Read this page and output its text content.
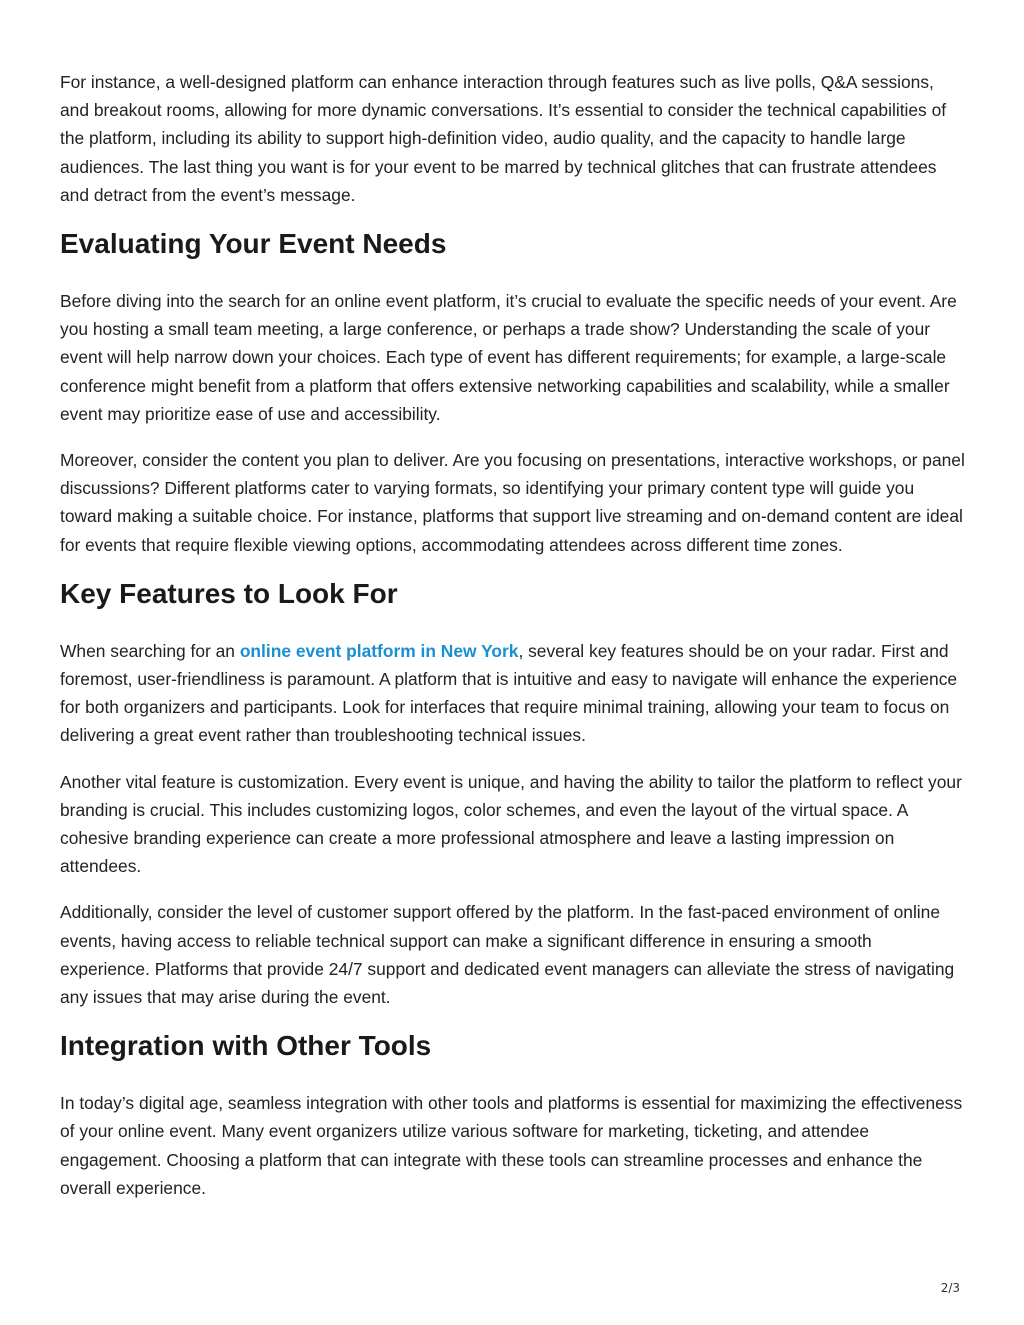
For instance, a well-designed platform can enhance interaction through features such as live polls, Q&A sessions, and breakout rooms, allowing for more dynamic conversations. It’s essential to consider the technical capabilities of the platform, including its ability to support high-definition video, audio quality, and the capacity to handle large audiences. The last thing you want is for your event to be marred by technical glitches that can frustrate attendees and detract from the event’s message.

Evaluating Your Event Needs

Before diving into the search for an online event platform, it’s crucial to evaluate the specific needs of your event. Are you hosting a small team meeting, a large conference, or perhaps a trade show? Understanding the scale of your event will help narrow down your choices. Each type of event has different requirements; for example, a large-scale conference might benefit from a platform that offers extensive networking capabilities and scalability, while a smaller event may prioritize ease of use and accessibility.

Moreover, consider the content you plan to deliver. Are you focusing on presentations, interactive workshops, or panel discussions? Different platforms cater to varying formats, so identifying your primary content type will guide you toward making a suitable choice. For instance, platforms that support live streaming and on-demand content are ideal for events that require flexible viewing options, accommodating attendees across different time zones.

Key Features to Look For

When searching for an online event platform in New York, several key features should be on your radar. First and foremost, user-friendliness is paramount. A platform that is intuitive and easy to navigate will enhance the experience for both organizers and participants. Look for interfaces that require minimal training, allowing your team to focus on delivering a great event rather than troubleshooting technical issues.

Another vital feature is customization. Every event is unique, and having the ability to tailor the platform to reflect your branding is crucial. This includes customizing logos, color schemes, and even the layout of the virtual space. A cohesive branding experience can create a more professional atmosphere and leave a lasting impression on attendees.

Additionally, consider the level of customer support offered by the platform. In the fast-paced environment of online events, having access to reliable technical support can make a significant difference in ensuring a smooth experience. Platforms that provide 24/7 support and dedicated event managers can alleviate the stress of navigating any issues that may arise during the event.

Integration with Other Tools

In today’s digital age, seamless integration with other tools and platforms is essential for maximizing the effectiveness of your online event. Many event organizers utilize various software for marketing, ticketing, and attendee engagement. Choosing a platform that can integrate with these tools can streamline processes and enhance the overall experience.

2/3
